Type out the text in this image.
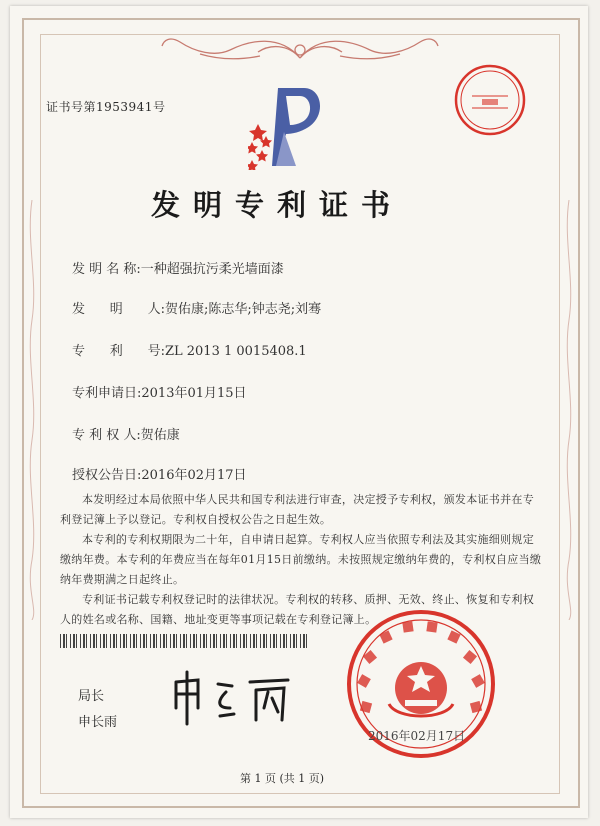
证书号第1953941号
发明专利证书
发 明 名 称:一种超强抗污柔光墙面漆
发      明      人:贺佑康;陈志华;钟志尧;刘骞
专      利      号:ZL 2013 1 0015408.1
专利申请日:2013年01月15日
专 利 权 人:贺佑康
授权公告日:2016年02月17日

本发明经过本局依照中华人民共和国专利法进行审查，决定授予专利权，颁发本证书并在专利登记簿上予以登记。专利权自授权公告之日起生效。

本专利的专利权期限为二十年，自申请日起算。专利权人应当依照专利法及其实施细则规定缴纳年费。本专利的年费应当在每年01月15日前缴纳。未按照规定缴纳年费的，专利权自应当缴纳年费期满之日起终止。

专利证书记载专利权登记时的法律状况。专利权的转移、质押、无效、终止、恢复和专利权人的姓名或名称、国籍、地址变更等事项记载在专利登记簿上。

局长
申长雨
2016年02月17日
第 1 页 (共 1 页)
